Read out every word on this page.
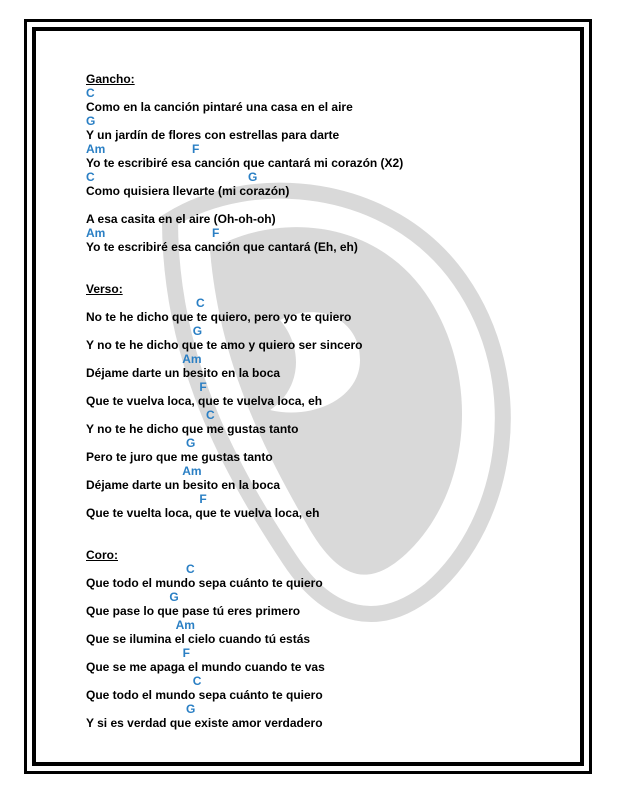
Gancho:
C
Como en la canción pintaré una casa en el aire
G
Y un jardín de flores con estrellas para darte
Am                          F
Yo te escribiré esa canción que cantará mi corazón (X2)
C                                              G
Como quisiera llevarte (mi corazón)
A esa casita en el aire (Oh-oh-oh)
Am                                F
Yo te escribiré esa canción que cantará (Eh, eh)
Verso:
C
No te he dicho que te quiero, pero yo te quiero
G
Y no te he dicho que te amo y quiero ser sincero
Am
Déjame darte un besito en la boca
F
Que te vuelva loca, que te vuelva loca, eh
C
Y no te he dicho que me gustas tanto
G
Pero te juro que me gustas tanto
Am
Déjame darte un besito en la boca
F
Que te vuelta loca, que te vuelva loca, eh
Coro:
C
Que todo el mundo sepa cuánto te quiero
G
Que pase lo que pase tú eres primero
Am
Que se ilumina el cielo cuando tú estás
F
Que se me apaga el mundo cuando te vas
C
Que todo el mundo sepa cuánto te quiero
G
Y si es verdad que existe amor verdadero
